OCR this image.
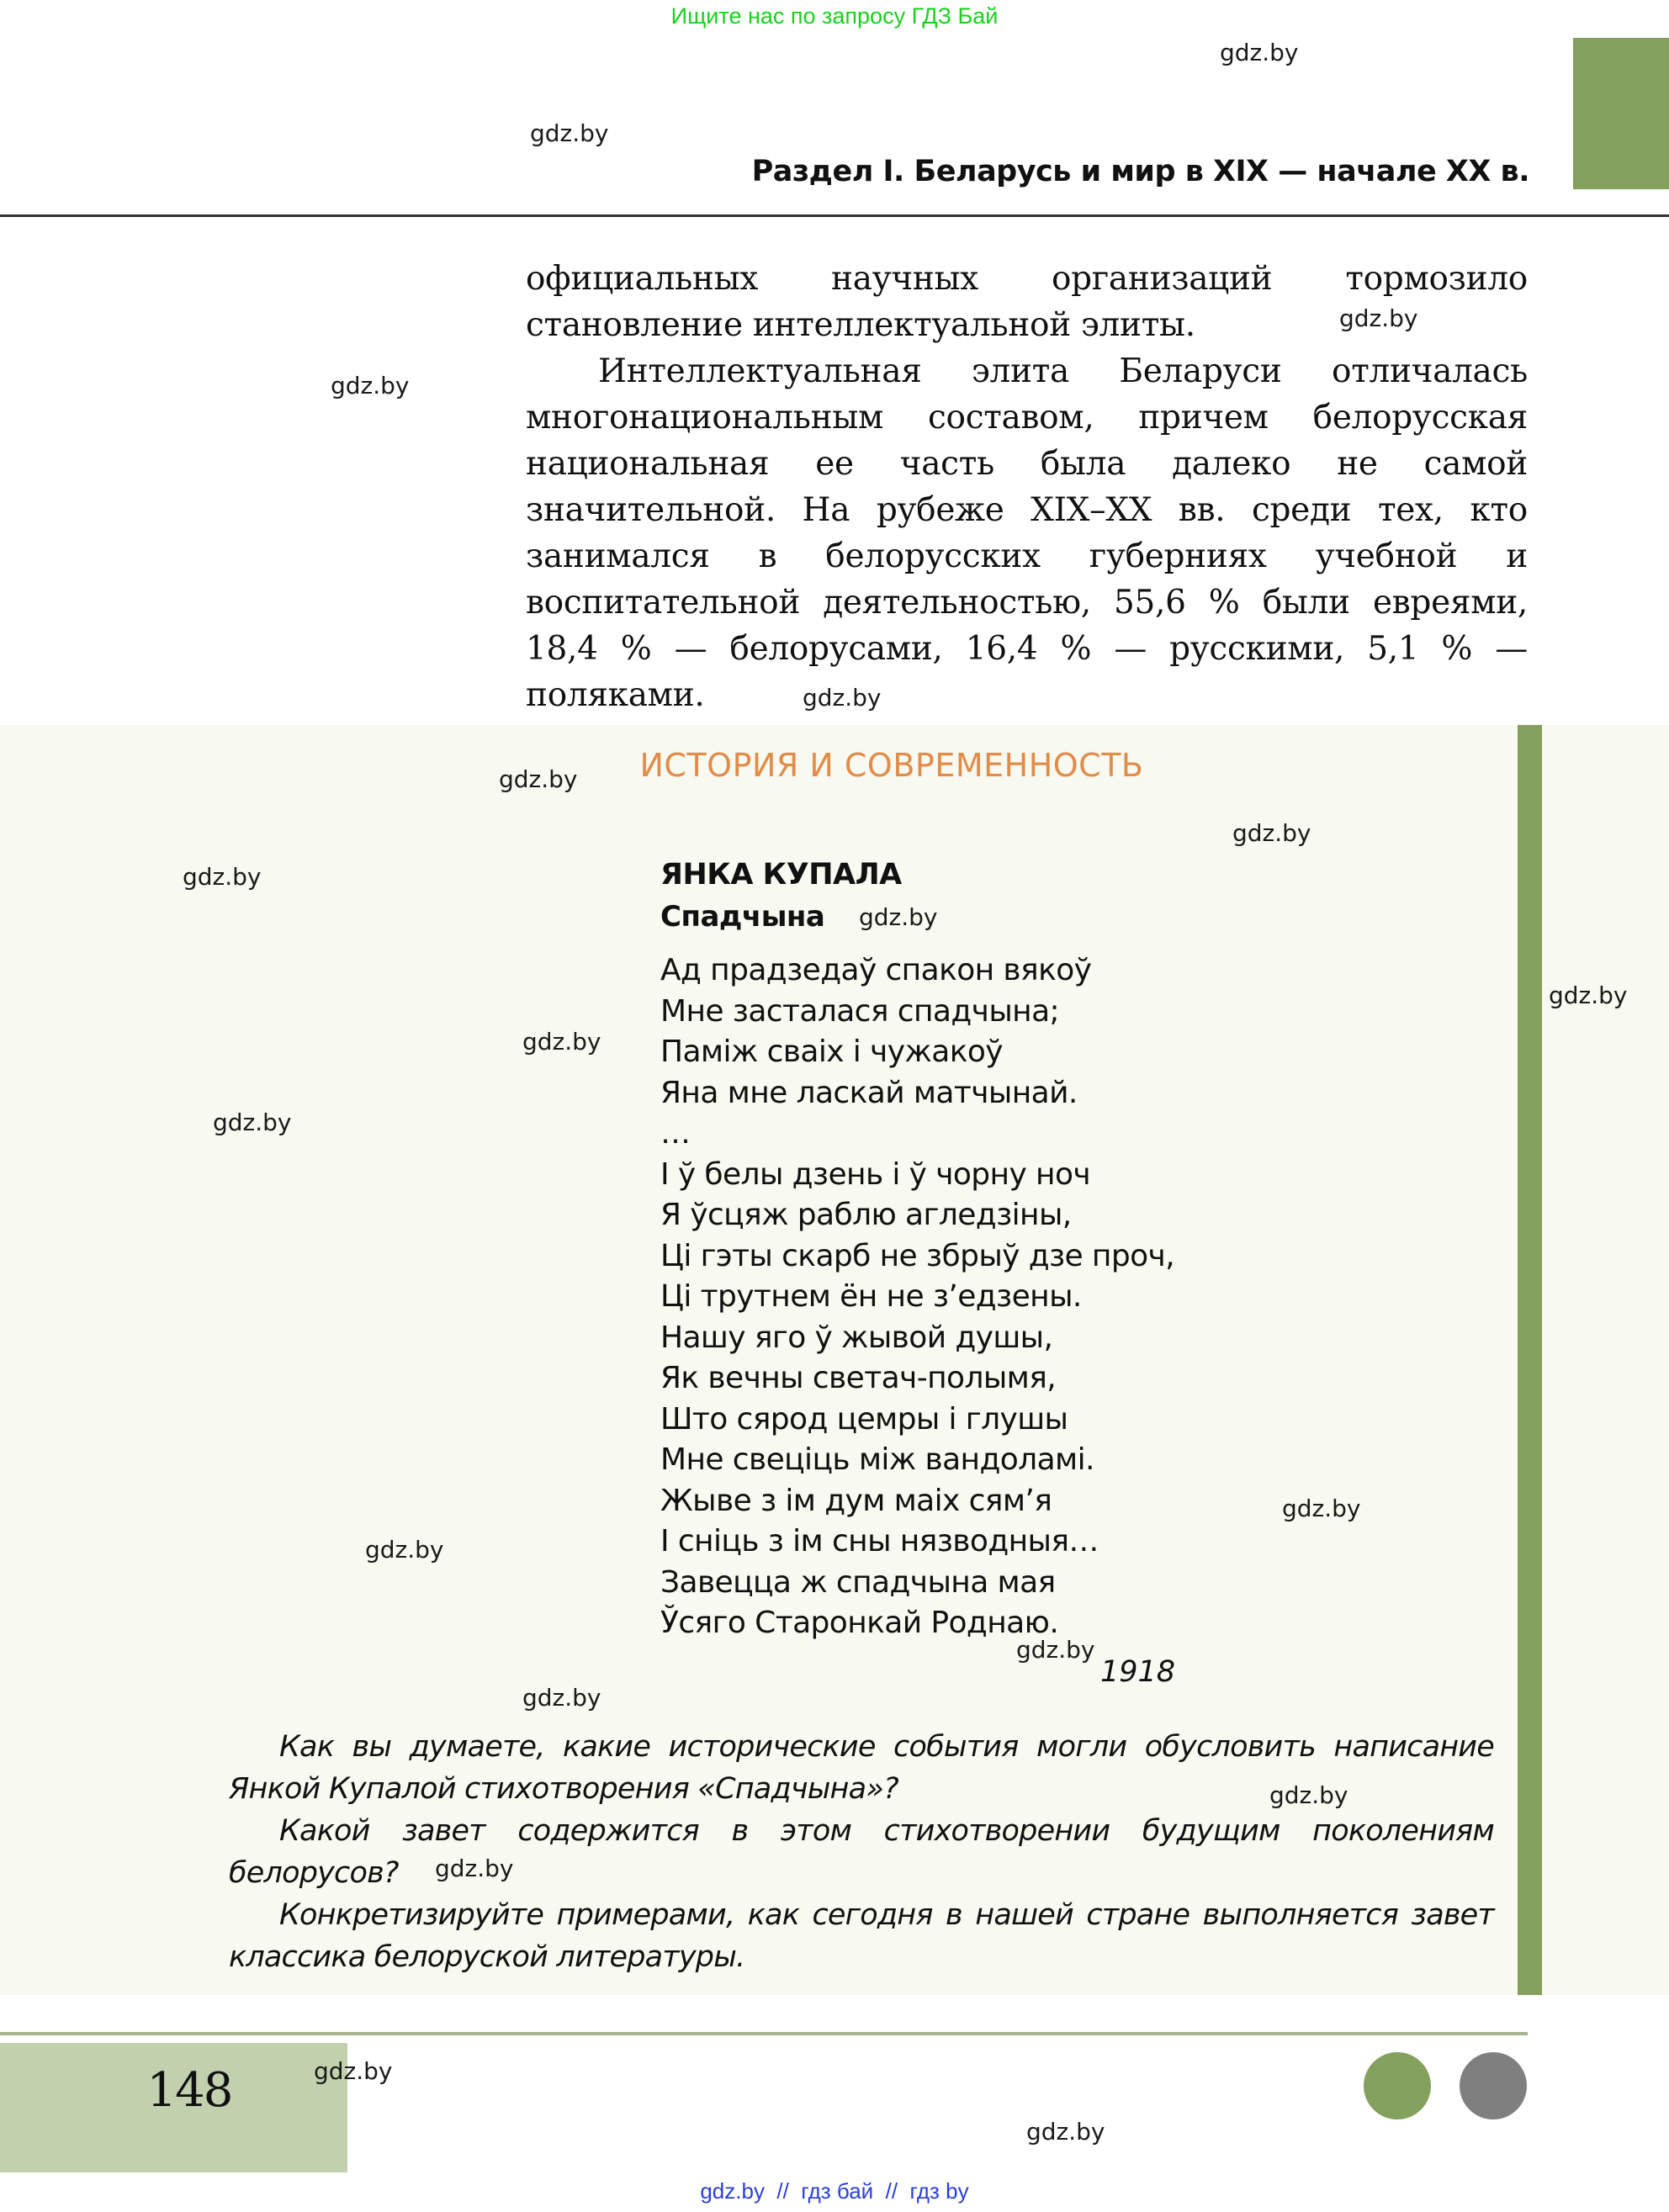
Ищите нас по запросу ГДЗ Бай
Раздел I. Беларусь и мир в XIX — начале XX в.

официальных научных организаций тормозило становление интеллектуальной элиты.

Интеллектуальная элита Беларуси отличалась многонациональным составом, причем белорусская национальная ее часть была далеко не самой значительной. На рубеже XIX–XX вв. среди тех, кто занимался в белорусских губерниях учебной и воспитательной деятельностью, 55,6 % были евреями, 18,4 % — белорусами, 16,4 % — русскими, 5,1 % — поляками.

ИСТОРИЯ И СОВРЕМЕННОСТЬ
ЯНКА КУПАЛА
Спадчына
Ад прадзедаў спакон вякоў
Мне засталася спадчына;
Паміж сваіх і чужакоў
Яна мне ласкай матчынай.
…
І ў белы дзень і ў чорну ноч
Я ўсцяж раблю агледзіны,
Ці гэты скарб не збрыў дзе проч,
Ці трутнем ён не з’едзены.
Нашу яго ў жывой душы,
Як вечны светач-полымя,
Што сярод цемры і глушы
Мне свеціць між вандоламі.
Жыве з ім дум маіх сям’я
І сніць з ім сны нязводныя…
Завецца ж спадчына мая
Ўсяго Старонкай Роднаю.
1918

Как вы думаете, какие исторические события могли обусловить написание Янкой Купалой стихотворения «Спадчына»?

Какой завет содержится в этом стихотворении будущим поколениям белорусов?

Конкретизируйте примерами, как сегодня в нашей стране выполняется завет классика белоруской литературы.

148
gdz.by  //  гдз бай  //  гдз by
gdz.by
gdz.by
gdz.by
gdz.by
gdz.by
gdz.by
gdz.by
gdz.by
gdz.by
gdz.by
gdz.by
gdz.by
gdz.by
gdz.by
gdz.by
gdz.by
gdz.by
gdz.by
gdz.by
gdz.by
